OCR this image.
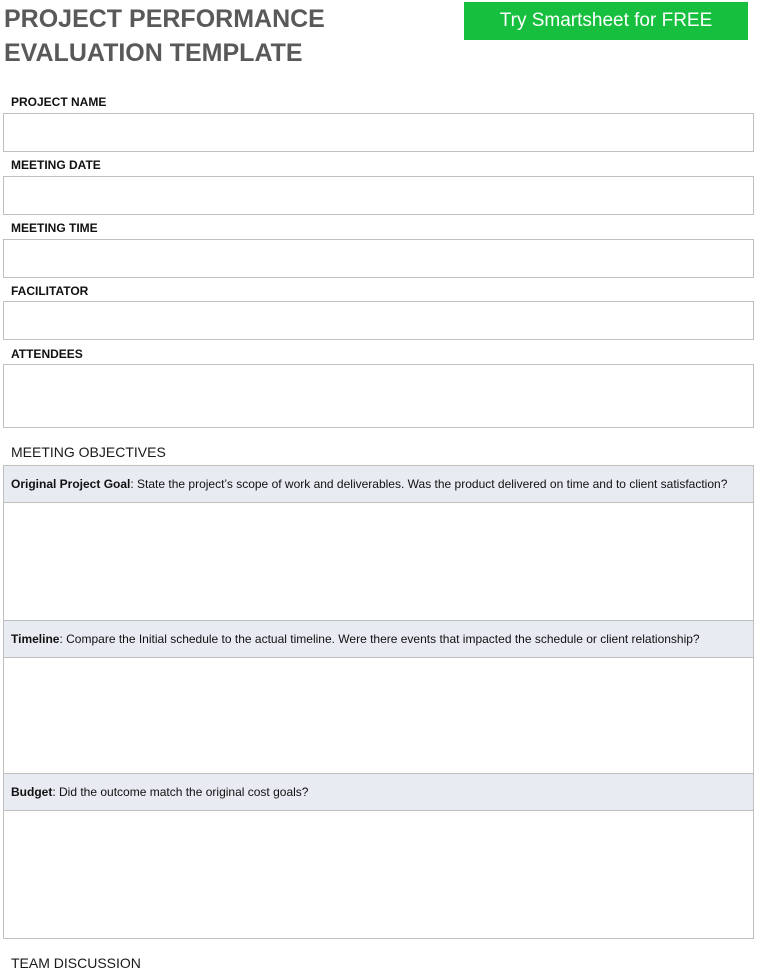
PROJECT PERFORMANCE
EVALUATION TEMPLATE
Try Smartsheet for FREE
PROJECT NAME
MEETING DATE
MEETING TIME
FACILITATOR
ATTENDEES
MEETING OBJECTIVES
Original Project Goal: State the project’s scope of work and deliverables. Was the product delivered on time and to client satisfaction?
Timeline: Compare the Initial schedule to the actual timeline. Were there events that impacted the schedule or client relationship?
Budget: Did the outcome match the original cost goals?
TEAM DISCUSSION
